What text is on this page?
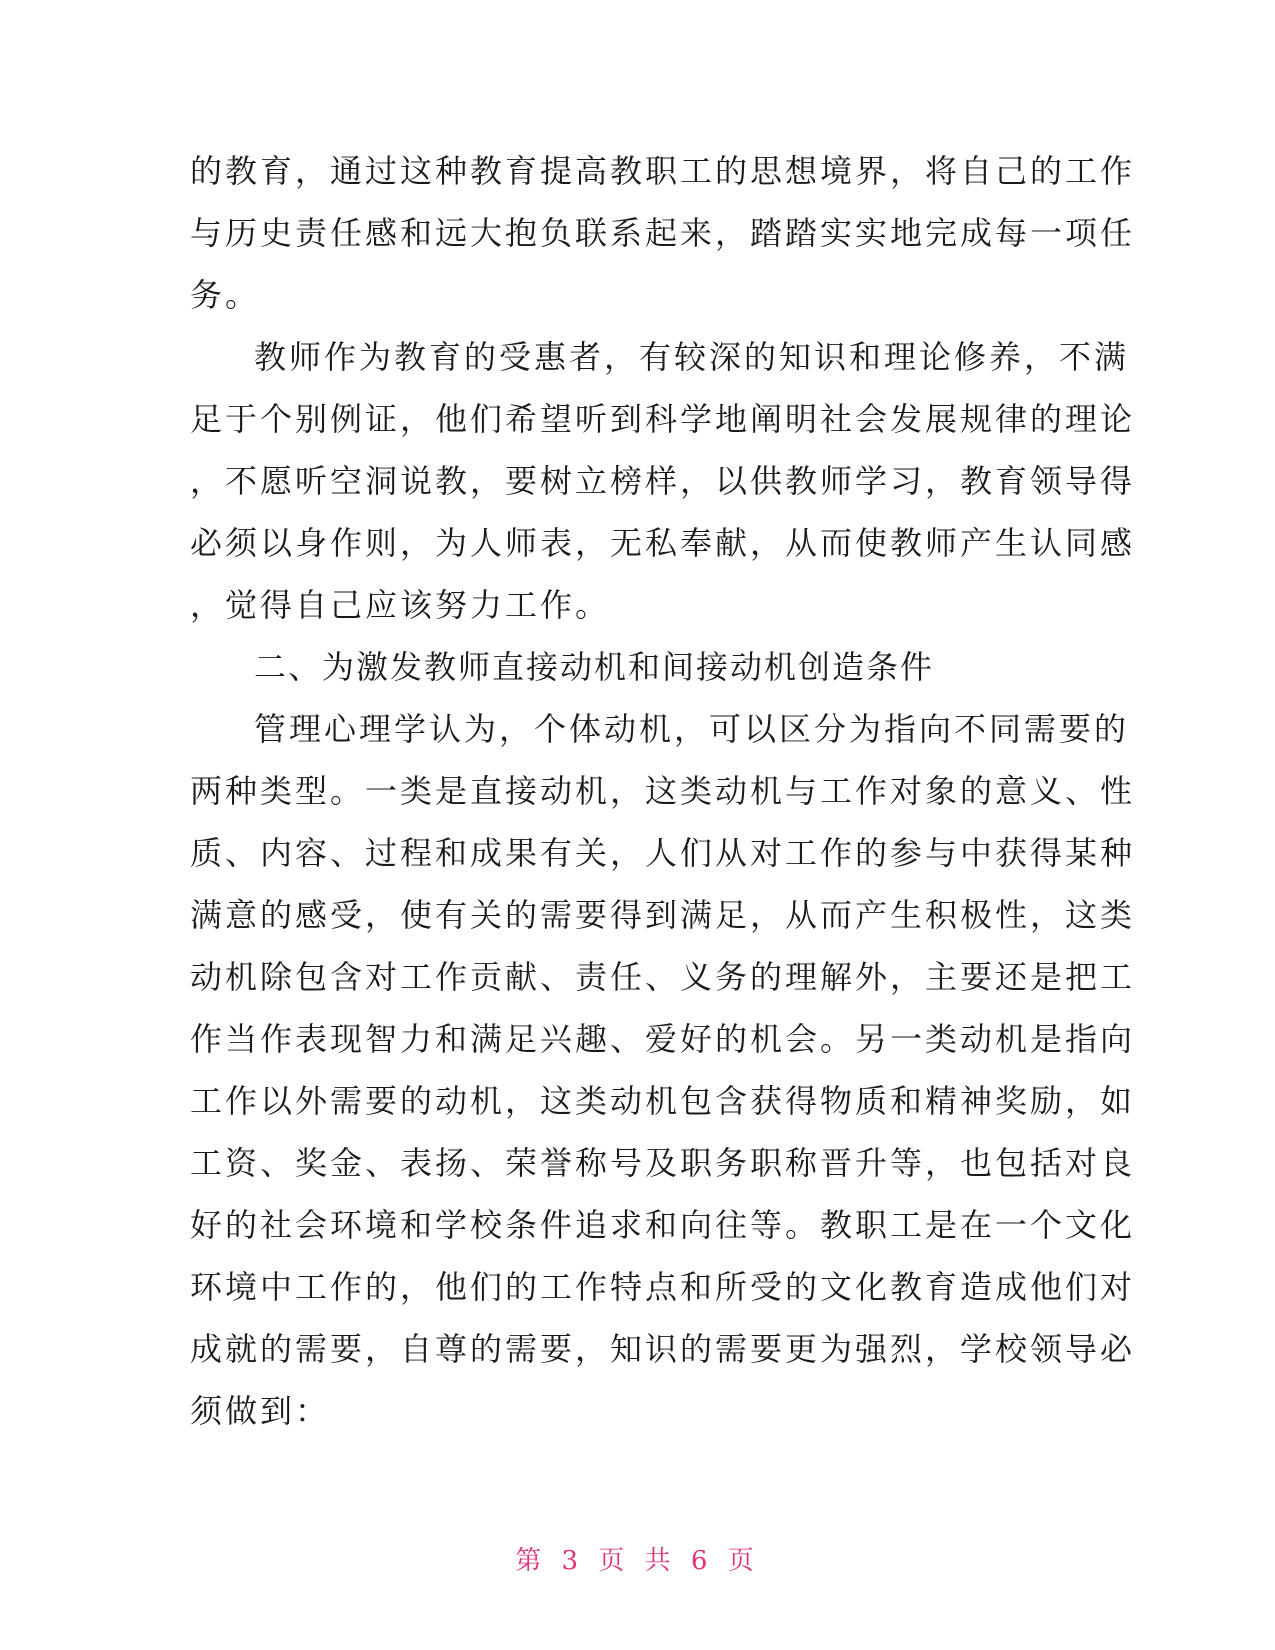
的教育，通过这种教育提高教职工的思想境界，将自己的工作
与历史责任感和远大抱负联系起来，踏踏实实地完成每一项任
务。
教师作为教育的受惠者，有较深的知识和理论修养，不满
足于个别例证，他们希望听到科学地阐明社会发展规律的理论
，不愿听空洞说教，要树立榜样，以供教师学习，教育领导得
必须以身作则，为人师表，无私奉献，从而使教师产生认同感
，觉得自己应该努力工作。
二、为激发教师直接动机和间接动机创造条件
管理心理学认为，个体动机，可以区分为指向不同需要的
两种类型。一类是直接动机，这类动机与工作对象的意义、性
质、内容、过程和成果有关，人们从对工作的参与中获得某种
满意的感受，使有关的需要得到满足，从而产生积极性，这类
动机除包含对工作贡献、责任、义务的理解外，主要还是把工
作当作表现智力和满足兴趣、爱好的机会。另一类动机是指向
工作以外需要的动机，这类动机包含获得物质和精神奖励，如
工资、奖金、表扬、荣誉称号及职务职称晋升等，也包括对良
好的社会环境和学校条件追求和向往等。教职工是在一个文化
环境中工作的，他们的工作特点和所受的文化教育造成他们对
成就的需要，自尊的需要，知识的需要更为强烈，学校领导必
须做到：
第 3 页 共 6 页
